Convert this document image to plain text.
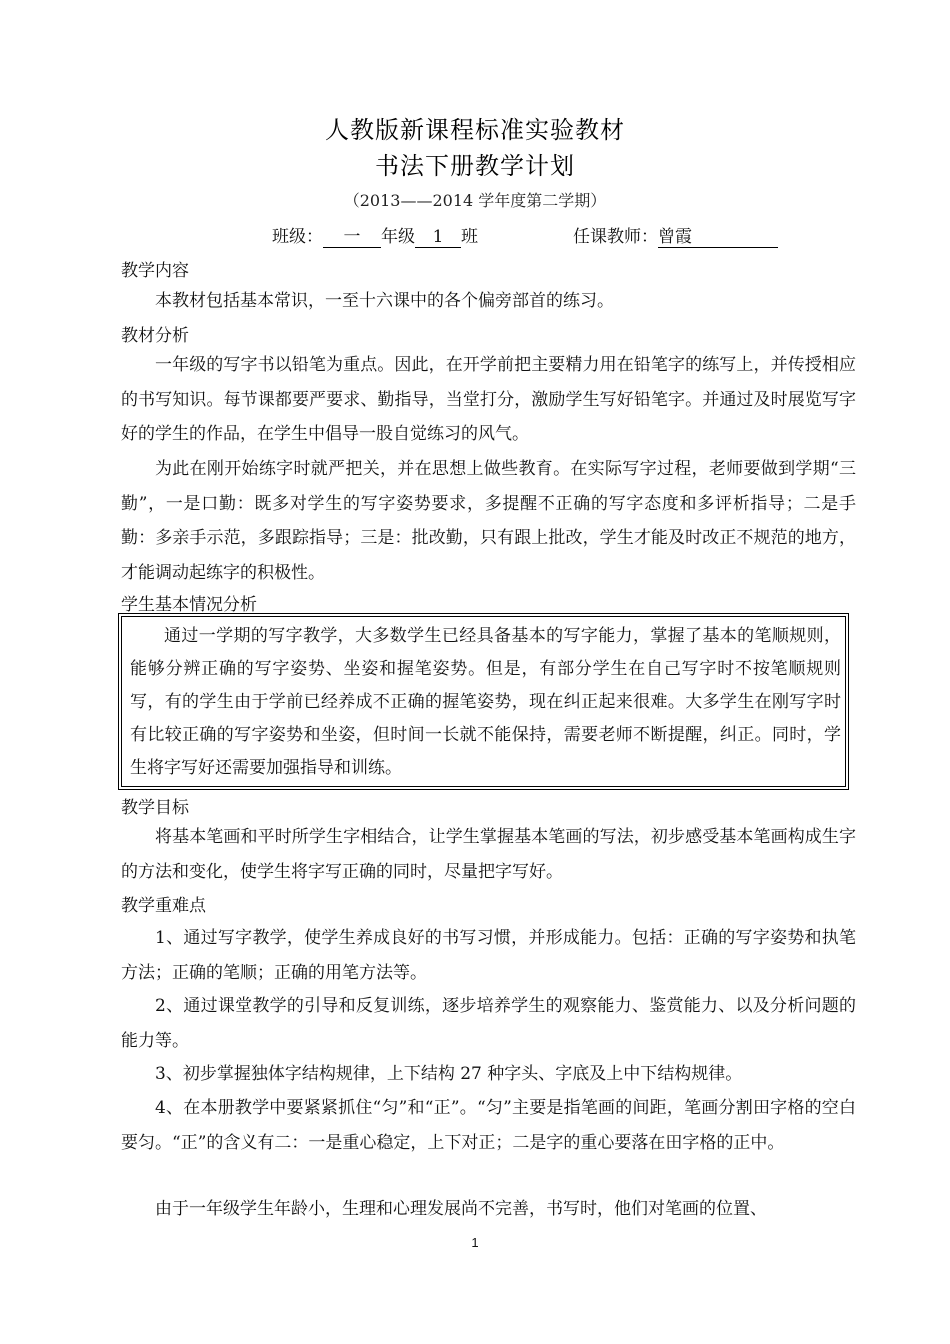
人教版新课程标准实验教材
书法下册教学计划
（2013——2014 学年度第二学期）
班级： 一 年级 1 班	任课教师：曾霞
教学内容

本教材包括基本常识，一至十六课中的各个偏旁部首的练习。

教材分析

一年级的写字书以铅笔为重点。因此，在开学前把主要精力用在铅笔字的练写上，并传授相应的书写知识。每节课都要严要求、勤指导，当堂打分，激励学生写好铅笔字。并通过及时展览写字好的学生的作品，在学生中倡导一股自觉练习的风气。

为此在刚开始练字时就严把关，并在思想上做些教育。在实际写字过程，老师要做到学期“三勤”，一是口勤：既多对学生的写字姿势要求，多提醒不正确的写字态度和多评析指导；二是手勤：多亲手示范，多跟踪指导；三是：批改勤，只有跟上批改，学生才能及时改正不规范的地方，才能调动起练字的积极性。

学生基本情况分析

通过一学期的写字教学，大多数学生已经具备基本的写字能力，掌握了基本的笔顺规则，能够分辨正确的写字姿势、坐姿和握笔姿势。但是，有部分学生在自己写字时不按笔顺规则写，有的学生由于学前已经养成不正确的握笔姿势，现在纠正起来很难。大多学生在刚写字时有比较正确的写字姿势和坐姿，但时间一长就不能保持，需要老师不断提醒，纠正。同时，学生将字写好还需要加强指导和训练。

教学目标

将基本笔画和平时所学生字相结合，让学生掌握基本笔画的写法，初步感受基本笔画构成生字的方法和变化，使学生将字写正确的同时，尽量把字写好。

教学重难点

1、通过写字教学，使学生养成良好的书写习惯，并形成能力。包括：正确的写字姿势和执笔方法；正确的笔顺；正确的用笔方法等。

2、通过课堂教学的引导和反复训练，逐步培养学生的观察能力、鉴赏能力、以及分析问题的能力等。

3、初步掌握独体字结构规律，上下结构 27 种字头、字底及上中下结构规律。

4、在本册教学中要紧紧抓住“匀”和“正”。“匀”主要是指笔画的间距，笔画分割田字格的空白要匀。“正”的含义有二：一是重心稳定，上下对正；二是字的重心要落在田字格的正中。

由于一年级学生年龄小，生理和心理发展尚不完善，书写时，他们对笔画的位置、

1
